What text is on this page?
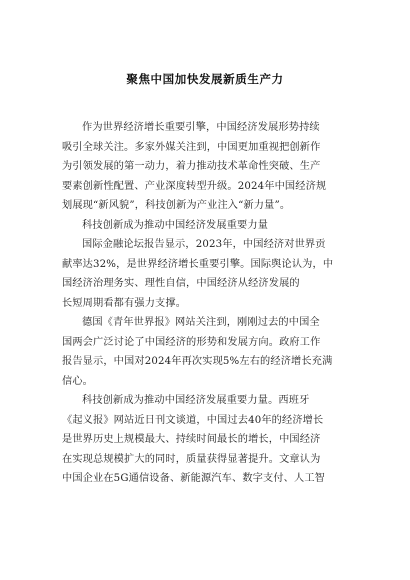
聚焦中国加快发展新质生产力
作为世界经济增长重要引擎，中国经济发展形势持续
吸引全球关注。多家外媒关注到，中国更加重视把创新作
为引领发展的第一动力，着力推动技术革命性突破、生产
要素创新性配置、产业深度转型升级。2024年中国经济规
划展现“新风貌”，科技创新为产业注入“新力量”。
科技创新成为推动中国经济发展重要力量
国际金融论坛报告显示，2023年，中国经济对世界贡
献率达32%，是世界经济增长重要引擎。国际舆论认为，中
国经济治理务实、理性自信，中国经济从经济发展的
长短周期看都有强力支撑。
德国《青年世界报》网站关注到，刚刚过去的中国全
国两会广泛讨论了中国经济的形势和发展方向。政府工作
报告显示，中国对2024年再次实现5%左右的经济增长充满
信心。
科技创新成为推动中国经济发展重要力量。西班牙
《起义报》网站近日刊文谈道，中国过去40年的经济增长
是世界历史上规模最大、持续时间最长的增长，中国经济
在实现总规模扩大的同时，质量获得显著提升。文章认为
中国企业在5G通信设备、新能源汽车、数字支付、人工智
